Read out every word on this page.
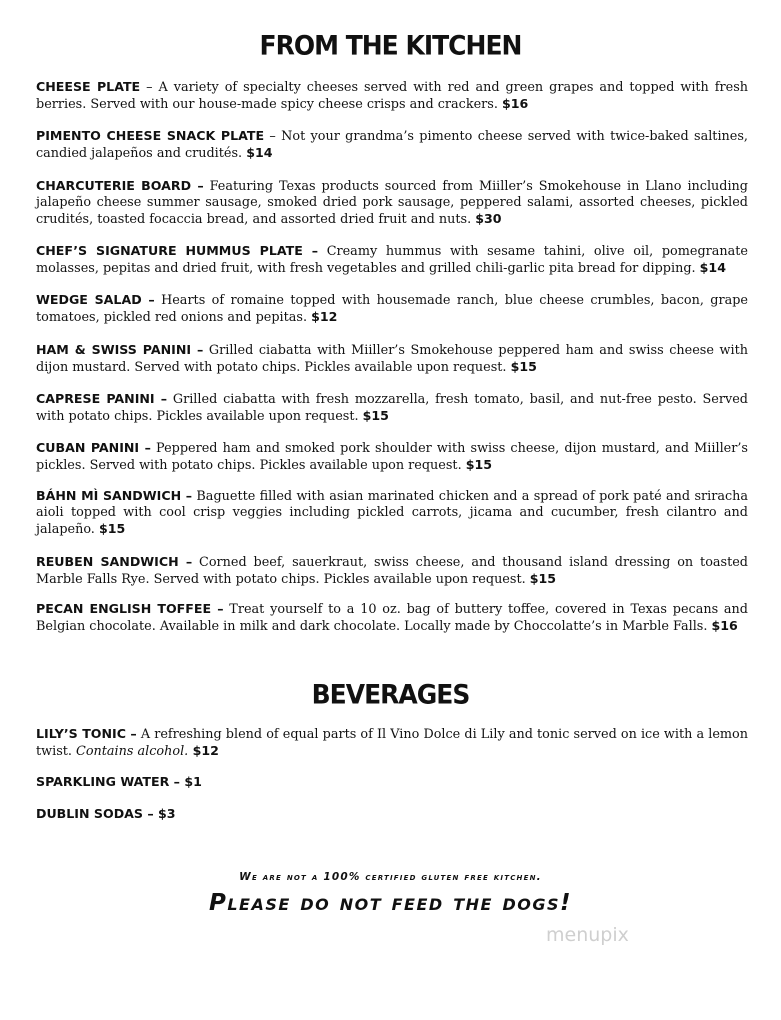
FROM THE KITCHEN

CHEESE PLATE – A variety of specialty cheeses served with red and green grapes and topped with fresh berries. Served with our house-made spicy cheese crisps and crackers. $16

PIMENTO CHEESE SNACK PLATE – Not your grandma’s pimento cheese served with twice-baked saltines, candied jalapeños and crudités. $14

CHARCUTERIE BOARD – Featuring Texas products sourced from Miiller’s Smokehouse in Llano including jalapeño cheese summer sausage, smoked dried pork sausage, peppered salami, assorted cheeses, pickled crudités, toasted focaccia bread, and assorted dried fruit and nuts. $30

CHEF’S SIGNATURE HUMMUS PLATE – Creamy hummus with sesame tahini, olive oil, pomegranate molasses, pepitas and dried fruit, with fresh vegetables and grilled chili-garlic pita bread for dipping. $14

WEDGE SALAD – Hearts of romaine topped with housemade ranch, blue cheese crumbles, bacon, grape tomatoes, pickled red onions and pepitas. $12

HAM & SWISS PANINI – Grilled ciabatta with Miiller’s Smokehouse peppered ham and swiss cheese with dijon mustard. Served with potato chips. Pickles available upon request. $15

CAPRESE PANINI – Grilled ciabatta with fresh mozzarella, fresh tomato, basil, and nut-free pesto. Served with potato chips. Pickles available upon request. $15

CUBAN PANINI – Peppered ham and smoked pork shoulder with swiss cheese, dijon mustard, and Miiller’s pickles. Served with potato chips. Pickles available upon request. $15

BÁHN MÌ SANDWICH – Baguette filled with asian marinated chicken and a spread of pork paté and sriracha aioli topped with cool crisp veggies including pickled carrots, jicama and cucumber, fresh cilantro and jalapeño. $15

REUBEN SANDWICH – Corned beef, sauerkraut, swiss cheese, and thousand island dressing on toasted Marble Falls Rye. Served with potato chips. Pickles available upon request. $15

PECAN ENGLISH TOFFEE – Treat yourself to a 10 oz. bag of buttery toffee, covered in Texas pecans and Belgian chocolate. Available in milk and dark chocolate. Locally made by Choccolatte’s in Marble Falls. $16

BEVERAGES

LILY’S TONIC – A refreshing blend of equal parts of Il Vino Dolce di Lily and tonic served on ice with a lemon twist. Contains alcohol. $12

SPARKLING WATER – $1

DUBLIN SODAS – $3

We are not a 100% certified gluten free kitchen.

Please do not feed the dogs!

menupix
